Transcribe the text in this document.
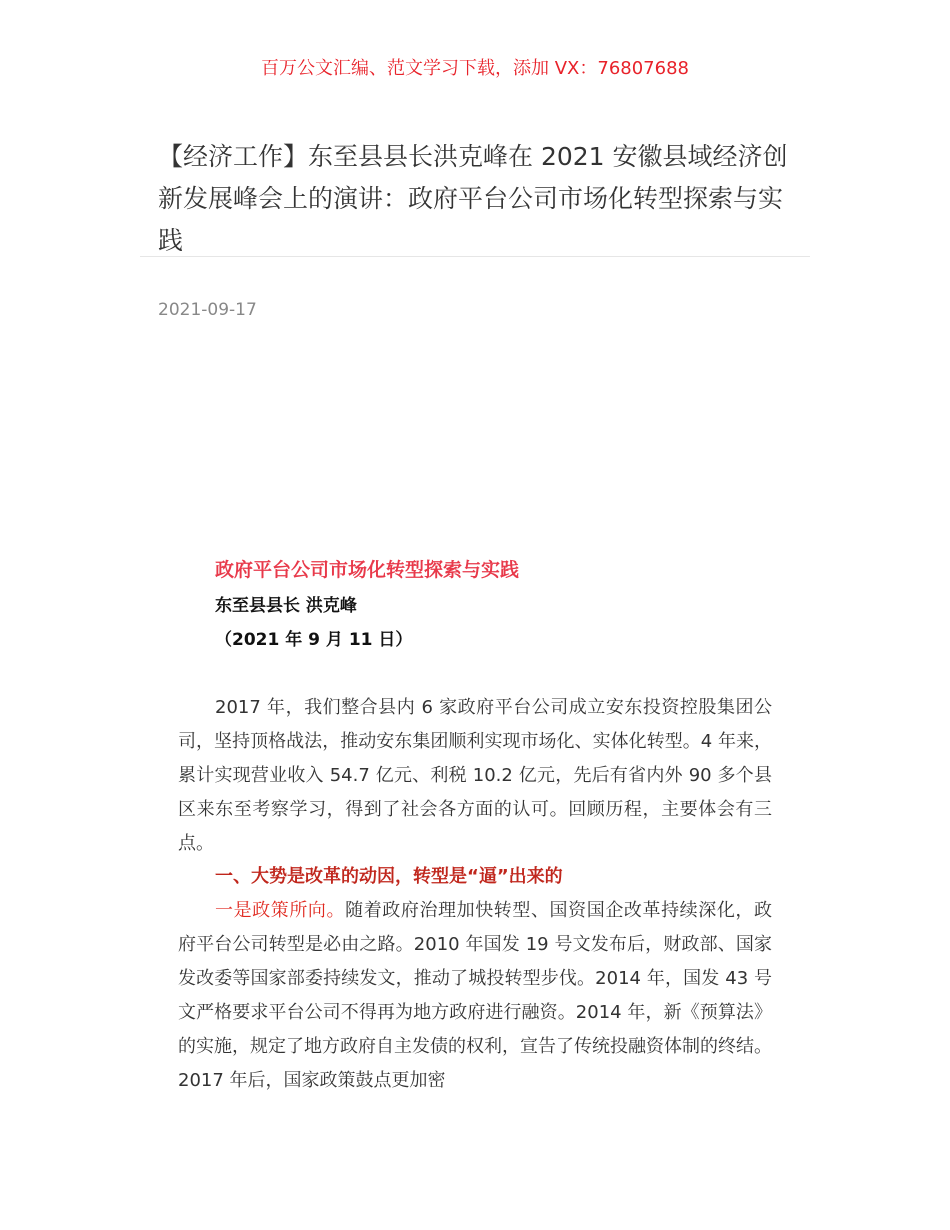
百万公文汇编、范文学习下载，添加 VX：76807688
【经济工作】东至县县长洪克峰在 2021 安徽县域经济创新发展峰会上的演讲：政府平台公司市场化转型探索与实践
2021-09-17
政府平台公司市场化转型探索与实践
东至县县长 洪克峰
（2021 年 9 月 11 日）

2017 年，我们整合县内 6 家政府平台公司成立安东投资控股集团公司，坚持顶格战法，推动安东集团顺利实现市场化、实体化转型。4 年来，累计实现营业收入 54.7 亿元、利税 10.2 亿元，先后有省内外 90 多个县区来东至考察学习，得到了社会各方面的认可。回顾历程，主要体会有三点。

一、大势是改革的动因，转型是“逼”出来的

一是政策所向。随着政府治理加快转型、国资国企改革持续深化，政府平台公司转型是必由之路。2010 年国发 19 号文发布后，财政部、国家发改委等国家部委持续发文，推动了城投转型步伐。2014 年，国发 43 号文严格要求平台公司不得再为地方政府进行融资。2014 年，新《预算法》的实施，规定了地方政府自主发债的权利，宣告了传统投融资体制的终结。2017 年后，国家政策鼓点更加密
